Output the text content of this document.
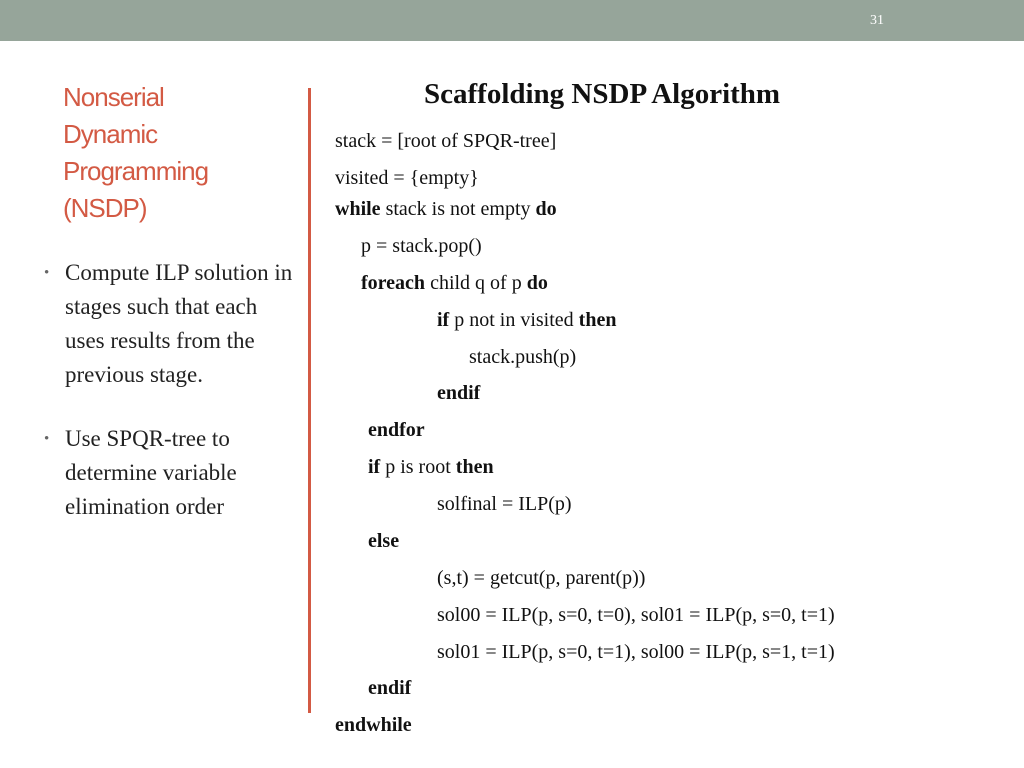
31
Nonserial
Dynamic
Programming
(NSDP)
• Compute ILP solution in stages such that each uses results from the previous stage.
• Use SPQR-tree to determine variable elimination order
Scaffolding NSDP Algorithm
stack = [root of SPQR-tree]
visited = {empty}
while stack is not empty do
p = stack.pop()
foreach child q of p do
if p not in visited then
stack.push(p)
endif
endfor
if p is root then
solfinal = ILP(p)
else
(s,t) = getcut(p, parent(p))
sol00 = ILP(p, s=0, t=0), sol01 = ILP(p, s=0, t=1)
sol01 = ILP(p, s=0, t=1), sol00 = ILP(p, s=1, t=1)
endif
endwhile
